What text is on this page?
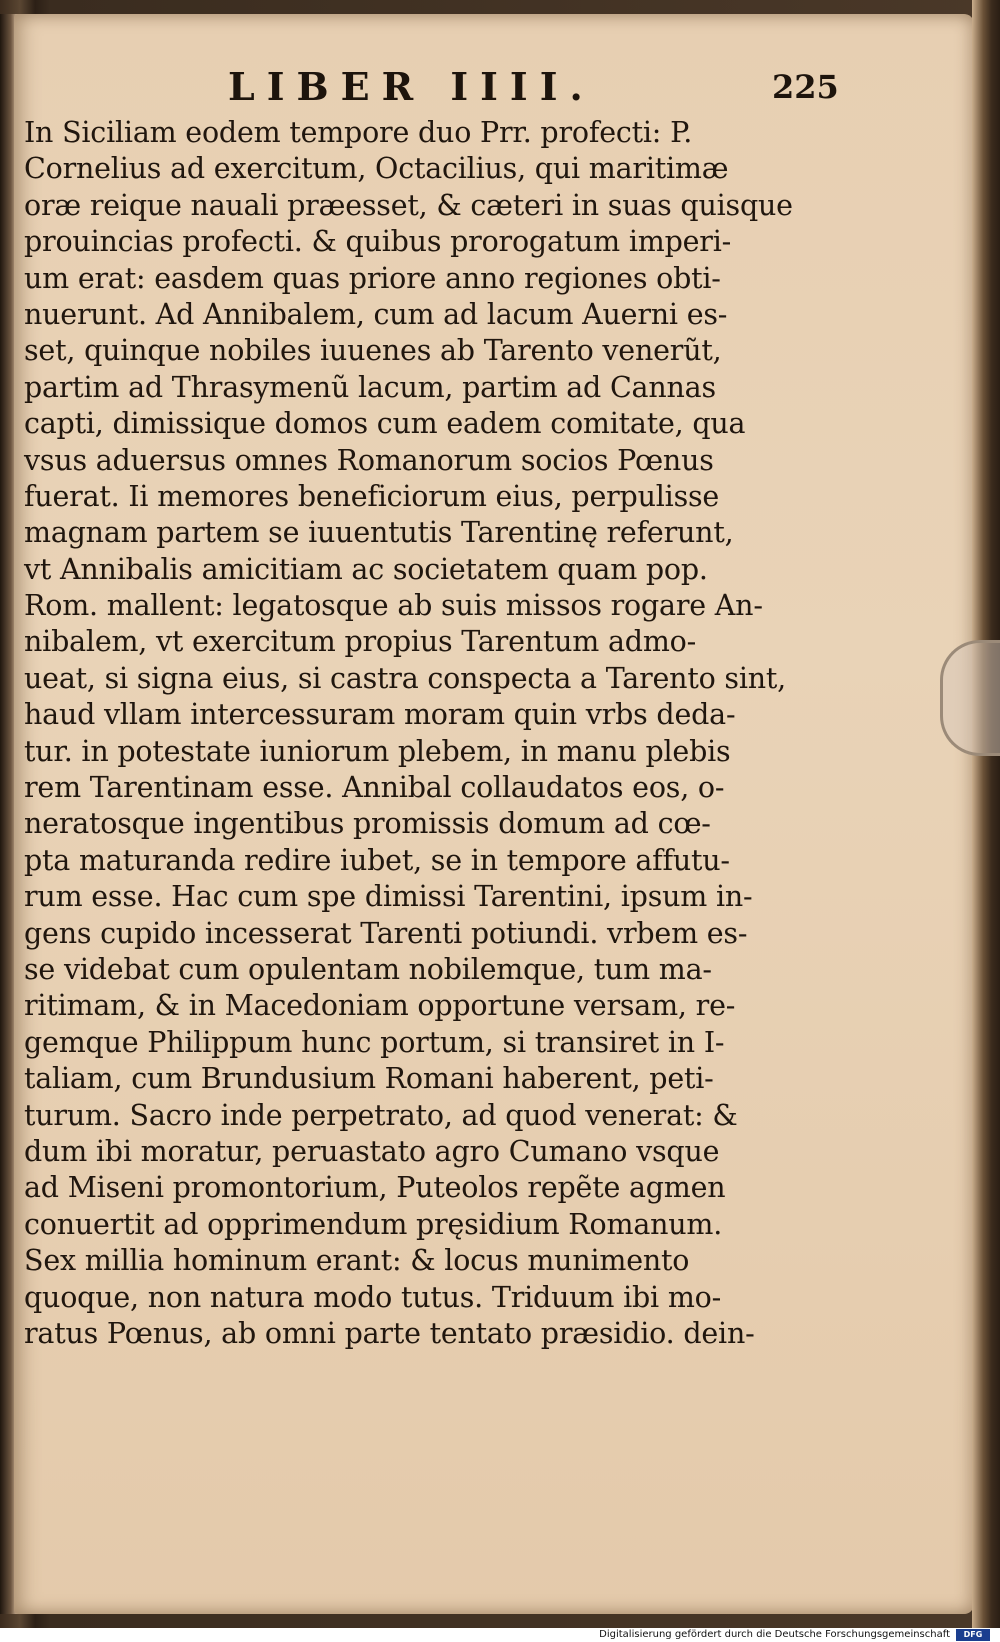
LIBER IIII.	225
In Siciliam eodem tempore duo Prr. profecti: P.
Cornelius ad exercitum, Octacilius, qui maritimæ
oræ reique nauali præesset, & cæteri in suas quisque
prouincias profecti. & quibus prorogatum imperi-
um erat: easdem quas priore anno regiones obti-
nuerunt. Ad Annibalem, cum ad lacum Auerni es-
set, quinque nobiles iuuenes ab Tarento venerũt,
partim ad Thrasymenũ lacum, partim ad Cannas
capti, dimissique domos cum eadem comitate, qua
vsus aduersus omnes Romanorum socios Pœnus
fuerat. Ii memores beneficiorum eius, perpulisse
magnam partem se iuuentutis Tarentinę referunt,
vt Annibalis amicitiam ac societatem quam pop.
Rom. mallent: legatosque ab suis missos rogare An-
nibalem, vt exercitum propius Tarentum admo-
ueat, si signa eius, si castra conspecta a Tarento sint,
haud vllam intercessuram moram quin vrbs deda-
tur. in potestate iuniorum plebem, in manu plebis
rem Tarentinam esse. Annibal collaudatos eos, o-
neratosque ingentibus promissis domum ad cœ-
pta maturanda redire iubet, se in tempore affutu-
rum esse. Hac cum spe dimissi Tarentini, ipsum in-
gens cupido incesserat Tarenti potiundi. vrbem es-
se videbat cum opulentam nobilemque, tum ma-
ritimam, & in Macedoniam opportune versam, re-
gemque Philippum hunc portum, si transiret in I-
taliam, cum Brundusium Romani haberent, peti-
turum. Sacro inde perpetrato, ad quod venerat: &
dum ibi moratur, peruastato agro Cumano vsque
ad Miseni promontorium, Puteolos repẽte agmen
conuertit ad opprimendum pręsidium Romanum.
Sex millia hominum erant: & locus munimento
quoque, non natura modo tutus. Triduum ibi mo-
ratus Pœnus, ab omni parte tentato præsidio. dein-
Digitalisierung gefördert durch die Deutsche Forschungsgemeinschaft	DFG
